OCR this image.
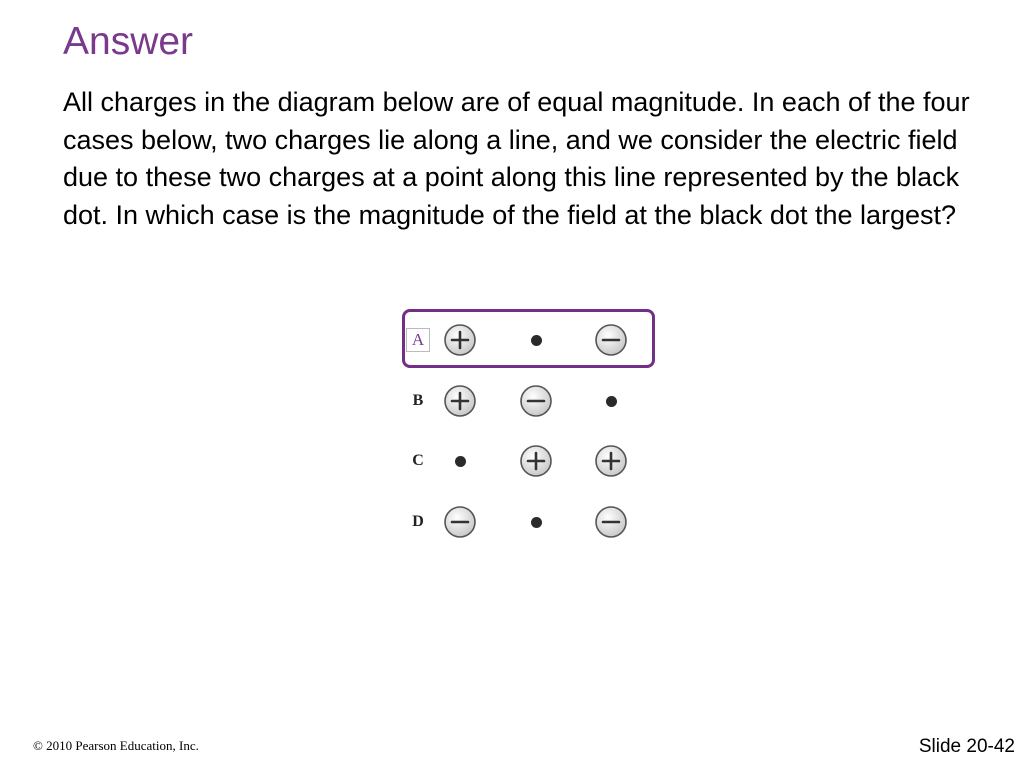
Answer

All charges in the diagram below are of equal magnitude. In each of the four cases below, two charges lie along a line, and we consider the electric field due to these two charges at a point along this line represented by the black dot. In which case is the magnitude of the field at the black dot the largest?

A
B
C
D
© 2010 Pearson Education, Inc.	Slide 20-42
